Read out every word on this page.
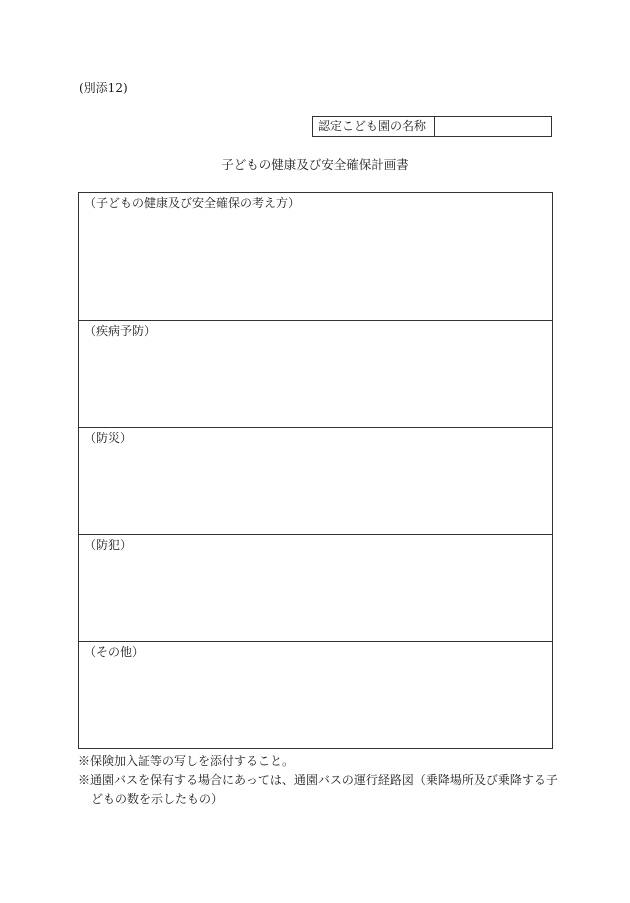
(別添12)
認定こども園の名称
子どもの健康及び安全確保計画書
（子どもの健康及び安全確保の考え方）
（疾病予防）
（防災）
（防犯）
（その他）
※保険加入証等の写しを添付すること。
※通園バスを保有する場合にあっては、通園バスの運行経路図（乗降場所及び乗降する子どもの数を示したもの）
